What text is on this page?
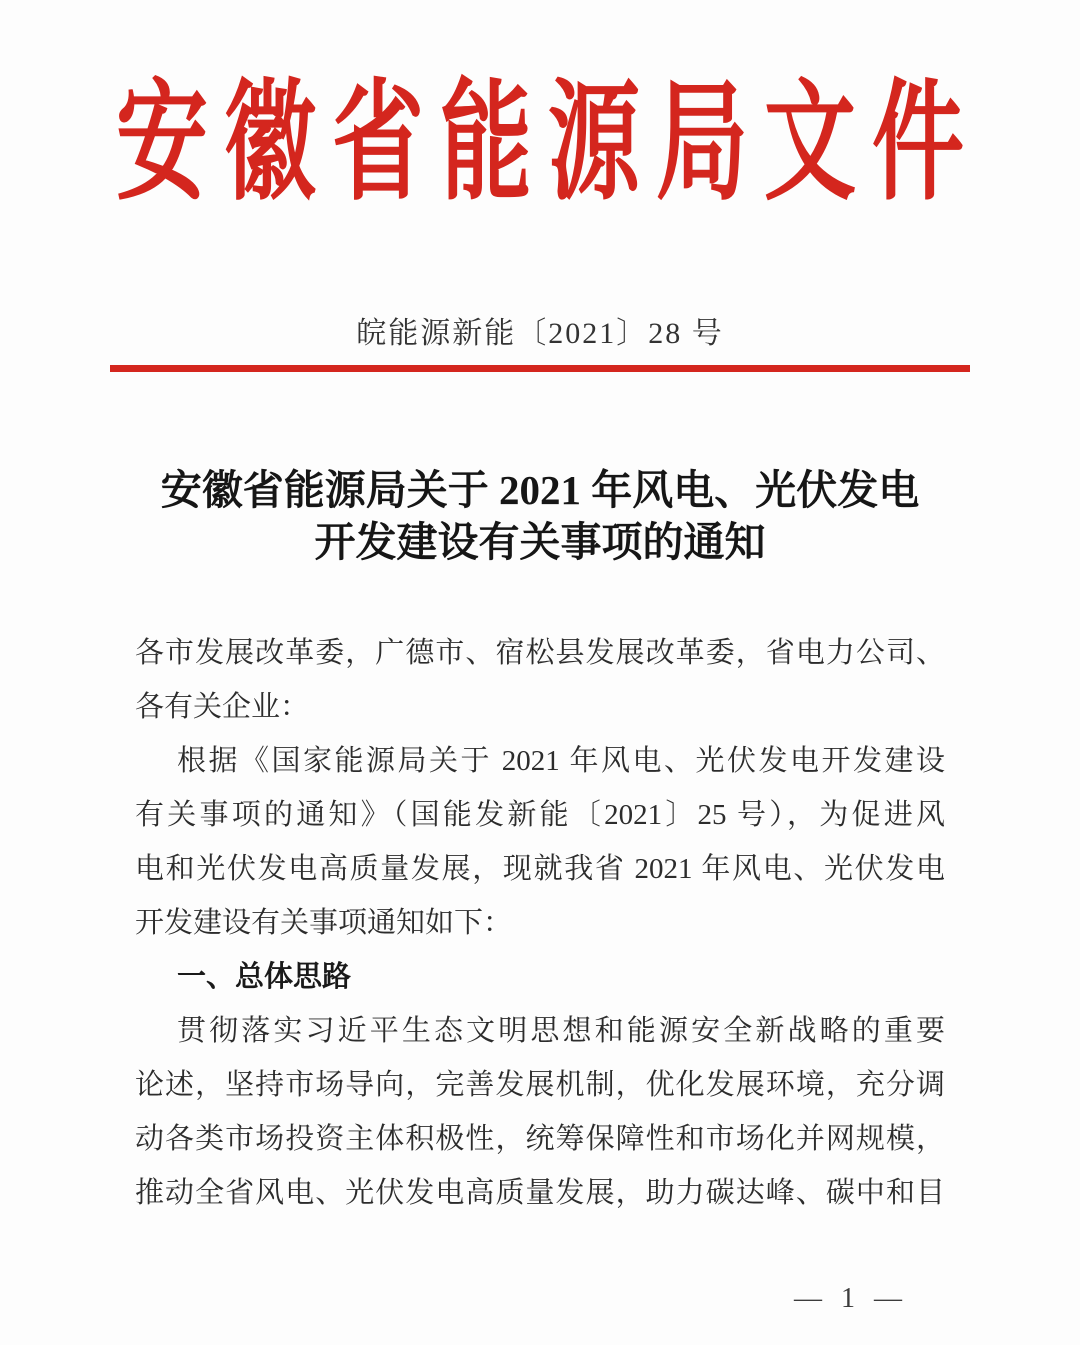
安徽省能源局文件
皖能源新能〔2021〕28 号
安徽省能源局关于 2021 年风电、光伏发电
开发建设有关事项的通知
各市发展改革委，广德市、宿松县发展改革委，省电力公司、
各有关企业：
根据《国家能源局关于 2021 年风电、光伏发电开发建设
有关事项的通知》（国能发新能〔2021〕25 号），为促进风
电和光伏发电高质量发展，现就我省 2021 年风电、光伏发电
开发建设有关事项通知如下：
一、总体思路
贯彻落实习近平生态文明思想和能源安全新战略的重要
论述，坚持市场导向，完善发展机制，优化发展环境，充分调
动各类市场投资主体积极性，统筹保障性和市场化并网规模，
推动全省风电、光伏发电高质量发展，助力碳达峰、碳中和目
— 1 —
